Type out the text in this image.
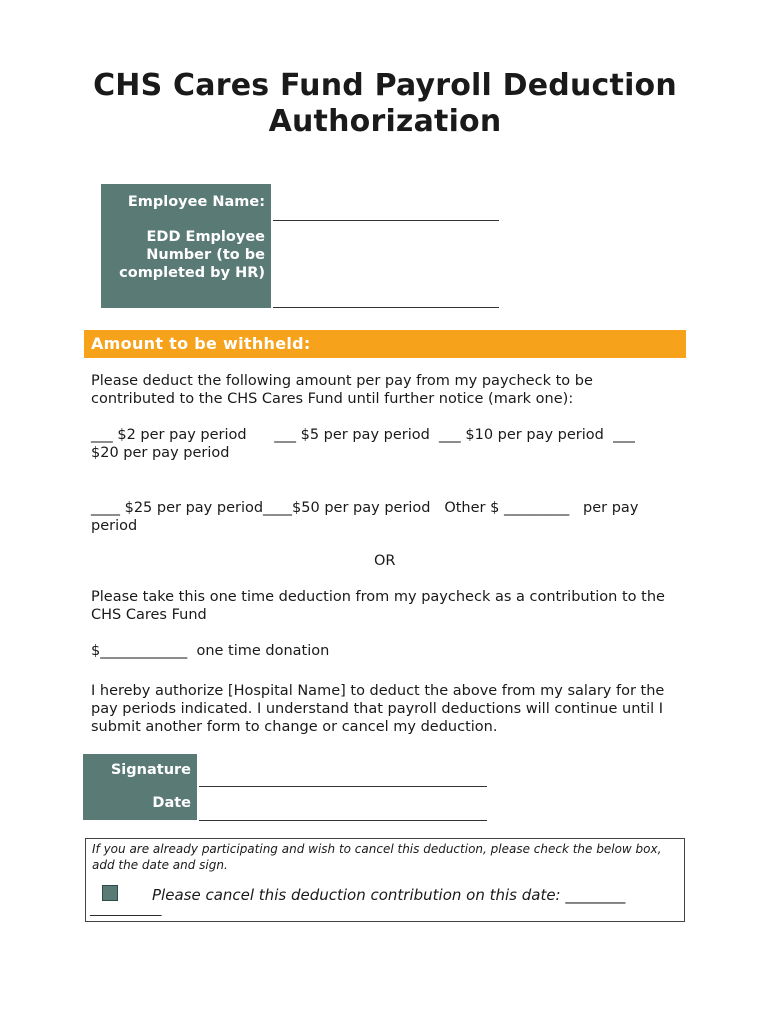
CHS Cares Fund Payroll Deduction
Authorization
Employee Name:
EDD Employee Number (to be completed by HR)
Amount to be withheld:
Please deduct the following amount per pay from my paycheck to be contributed to the CHS Cares Fund until further notice (mark one):
___ $2 per pay period      ___ $5 per pay period  ___ $10 per pay period  ___ $20 per pay period
____ $25 per pay period____$50 per pay period   Other $ _________   per pay period
OR
Please take this one time deduction from my paycheck as a contribution to the CHS Cares Fund
$____________  one time donation
I hereby authorize [Hospital Name] to deduct the above from my salary for the pay periods indicated. I understand that payroll deductions will continue until I submit another form to change or cancel my deduction.
Signature
Date
If you are already participating and wish to cancel this deduction, please check the below box, add the date and sign.
Please cancel this deduction contribution on this date: ________
___________
